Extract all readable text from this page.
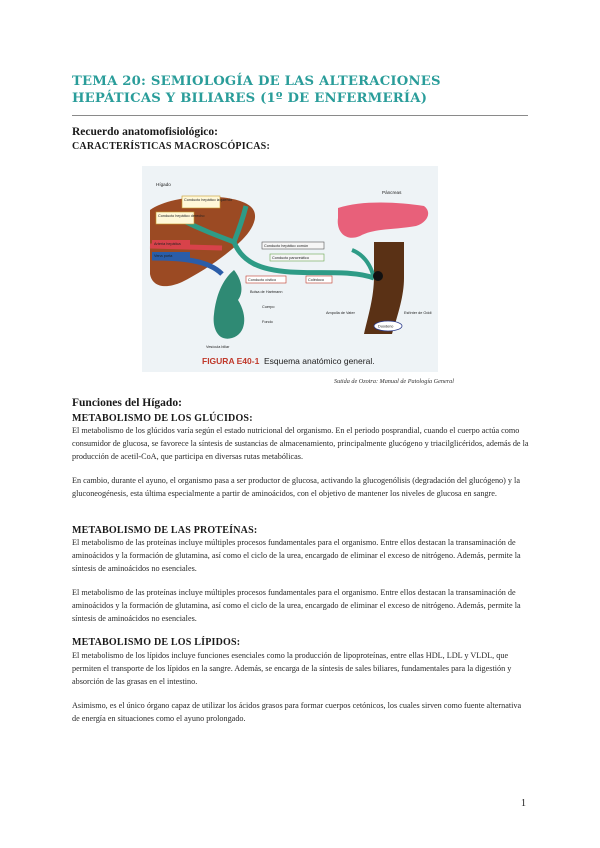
TEMA 20: SEMIOLOGÍA DE LAS ALTERACIONES HEPÁTICAS Y BILIARES (1º DE ENFERMERÍA)

Recuerdo anatomofisiológico:

CARACTERÍSTICAS MACROSCÓPICAS:

Conducto hepático izquierdo
Conducto hepático derecho
Arteria hepática
Vena porta
Conducto hepático común
Conducto pancreático
Conducto cístico	Colédoco
Bolsa de Hartmann
Cuerpo
Fondo
Vesícula biliar
Ampolla de Vater	Esfínter de Oddi
Duodeno
Hígado
Páncreas
FIGURA E40-1 Esquema anatómico general.
Sutida de Ozotra: Manual de Patología General

Funciones del Hígado:

METABOLISMO DE LOS GLÚCIDOS:

El metabolismo de los glúcidos varía según el estado nutricional del organismo. En el periodo posprandial, cuando el cuerpo actúa como consumidor de glucosa, se favorece la síntesis de sustancias de almacenamiento, principalmente glucógeno y triacilglicéridos, además de la producción de acetil-CoA, que participa en diversas rutas metabólicas.

En cambio, durante el ayuno, el organismo pasa a ser productor de glucosa, activando la glucogenólisis (degradación del glucógeno) y la gluconeogénesis, esta última especialmente a partir de aminoácidos, con el objetivo de mantener los niveles de glucosa en sangre.

METABOLISMO DE LAS PROTEÍNAS:

El metabolismo de las proteínas incluye múltiples procesos fundamentales para el organismo. Entre ellos destacan la transaminación de aminoácidos y la formación de glutamina, así como el ciclo de la urea, encargado de eliminar el exceso de nitrógeno. Además, permite la síntesis de aminoácidos no esenciales.

El metabolismo de las proteínas incluye múltiples procesos fundamentales para el organismo. Entre ellos destacan la transaminación de aminoácidos y la formación de glutamina, así como el ciclo de la urea, encargado de eliminar el exceso de nitrógeno. Además, permite la síntesis de aminoácidos no esenciales.

METABOLISMO DE LOS LÍPIDOS:

El metabolismo de los lípidos incluye funciones esenciales como la producción de lipoproteínas, entre ellas HDL, LDL y VLDL, que permiten el transporte de los lípidos en la sangre. Además, se encarga de la síntesis de sales biliares, fundamentales para la digestión y absorción de las grasas en el intestino.

Asimismo, es el único órgano capaz de utilizar los ácidos grasos para formar cuerpos cetónicos, los cuales sirven como fuente alternativa de energía en situaciones como el ayuno prolongado.

1
